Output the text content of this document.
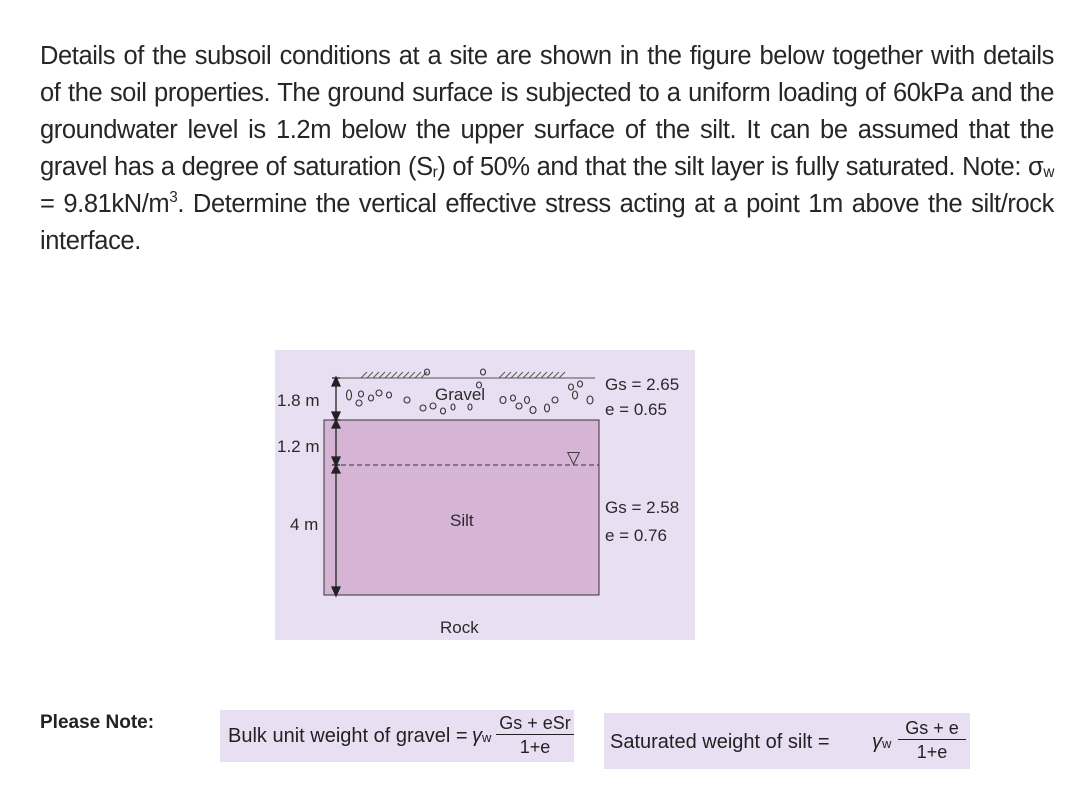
Details of the subsoil conditions at a site are shown in the figure below together with details of the soil properties. The ground surface is subjected to a uniform loading of 60kPa and the groundwater level is 1.2m below the upper surface of the silt. It can be assumed that the gravel has a degree of saturation $(S_r)$ of 50% and that the silt layer is fully saturated. Note: $\sigma_w = 9.81kN/m^3$. Determine the vertical effective stress acting at a point 1m above the silt/rock interface.

▽
1.8 m
1.2 m
4 m
Gravel
Silt
Rock
Gs = 2.65
e = 0.65
Gs = 2.58
e = 0.76
Please Note:
Bulk unit weight of gravel = γw
Gs + eSr
1+e	Saturated weight of silt = γw $\frac{Gs + e}{1+e}$
